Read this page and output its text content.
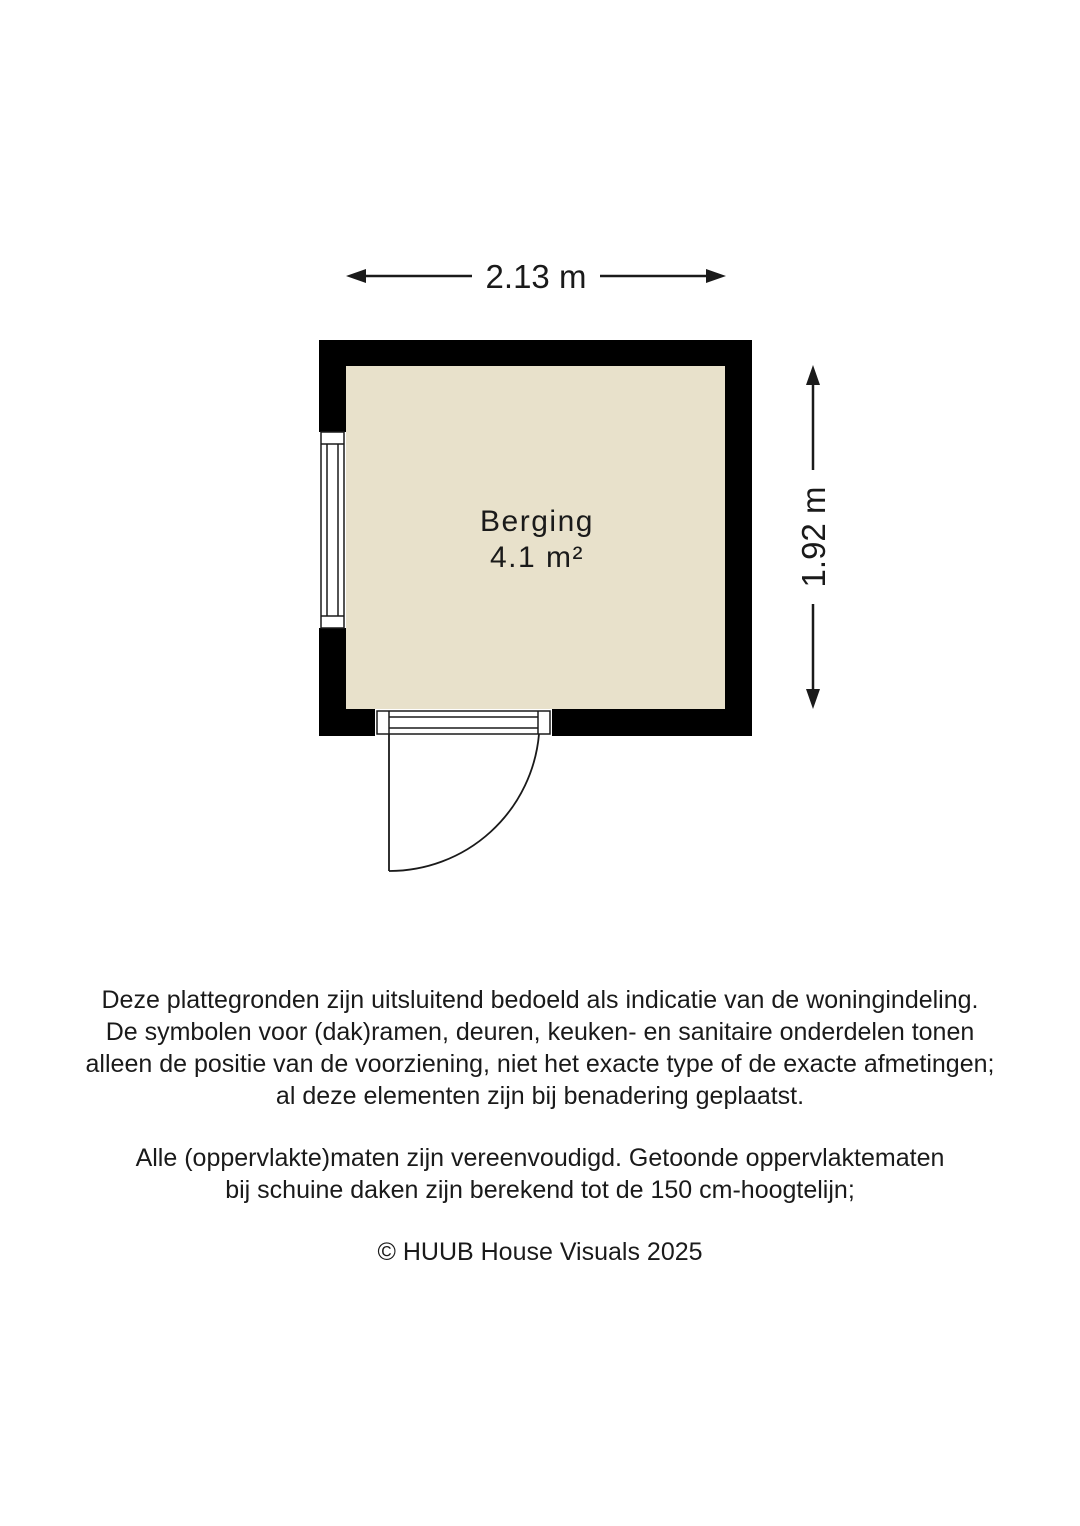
2.13 m
1.92 m
Berging
4.1 m²

Deze plattegronden zijn uitsluitend bedoeld als indicatie van de woningindeling.

De symbolen voor (dak)ramen, deuren, keuken- en sanitaire onderdelen tonen

alleen de positie van de voorziening, niet het exacte type of de exacte afmetingen;

al deze elementen zijn bij benadering geplaatst.

Alle (oppervlakte)maten zijn vereenvoudigd. Getoonde oppervlaktematen

bij schuine daken zijn berekend tot de 150 cm-hoogtelijn;

© HUUB House Visuals 2025
